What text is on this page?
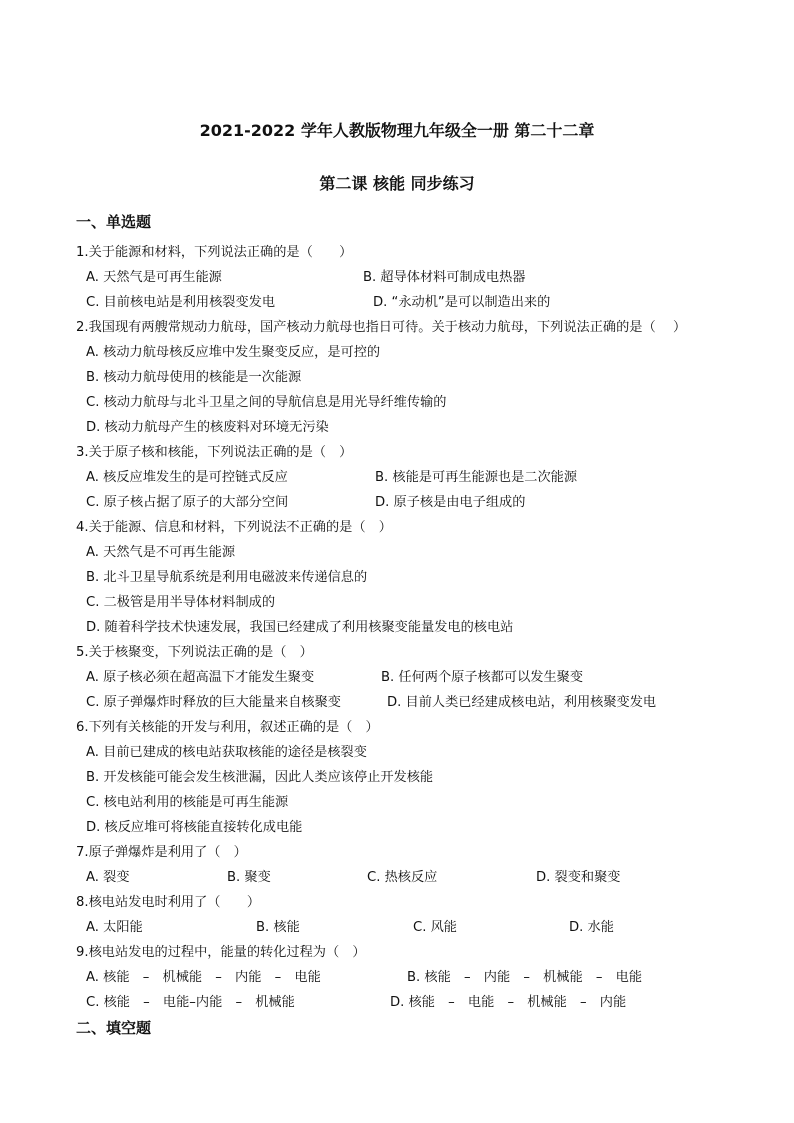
2021-2022 学年人教版物理九年级全一册 第二十二章
第二课 核能 同步练习
一、单选题
1.关于能源和材料，下列说法正确的是（　　）
A. 天然气是可再生能源	B. 超导体材料可制成电热器
C. 目前核电站是利用核裂变发电	D. “永动机”是可以制造出来的
2.我国现有两艘常规动力航母，国产核动力航母也指日可待。关于核动力航母，下列说法正确的是（　 ）
A. 核动力航母核反应堆中发生聚变反应，是可控的
B. 核动力航母使用的核能是一次能源
C. 核动力航母与北斗卫星之间的导航信息是用光导纤维传输的
D. 核动力航母产生的核废料对环境无污染
3.关于原子核和核能，下列说法正确的是（　）
A. 核反应堆发生的是可控链式反应	B. 核能是可再生能源也是二次能源
C. 原子核占据了原子的大部分空间	D. 原子核是由电子组成的
4.关于能源、信息和材料，下列说法不正确的是（　）
A. 天然气是不可再生能源
B. 北斗卫星导航系统是利用电磁波来传递信息的
C. 二极管是用半导体材料制成的
D. 随着科学技术快速发展，我国已经建成了利用核聚变能量发电的核电站
5.关于核聚变，下列说法正确的是（　）
A. 原子核必须在超高温下才能发生聚变	B. 任何两个原子核都可以发生聚变
C. 原子弹爆炸时释放的巨大能量来自核聚变	D. 目前人类已经建成核电站，利用核聚变发电
6.下列有关核能的开发与利用，叙述正确的是（　）
A. 目前已建成的核电站获取核能的途径是核裂变
B. 开发核能可能会发生核泄漏，因此人类应该停止开发核能
C. 核电站利用的核能是可再生能源
D. 核反应堆可将核能直接转化成电能
7.原子弹爆炸是利用了（　）
A. 裂变	B. 聚变	C. 热核反应	D. 裂变和聚变
8.核电站发电时利用了（　　）
A. 太阳能	B. 核能	C. 风能	D. 水能
9.核电站发电的过程中，能量的转化过程为（　）
A. 核能　–　机械能　–　内能　–　电能	B. 核能　–　内能　–　机械能　–　电能
C. 核能　–　电能–内能　–　机械能	D. 核能　–　电能　–　机械能　–　内能
二、填空题
